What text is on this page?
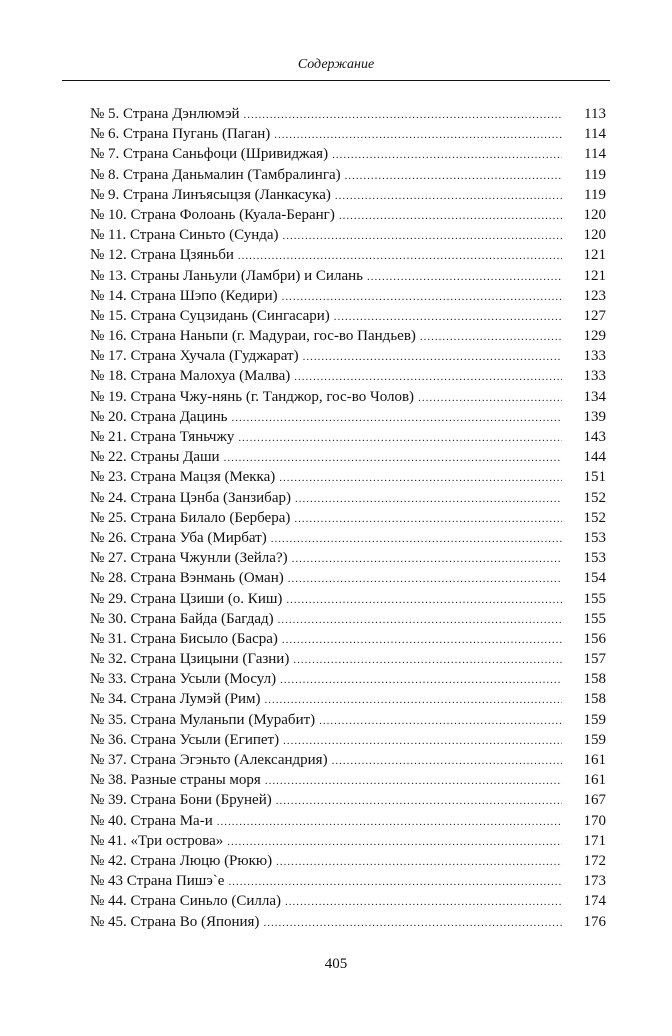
Содержание
№ 5. Страна Дэнлюмэй .....	113
№ 6. Страна Пугань (Паган) .....	114
№ 7. Страна Саньфоци (Шривиджая) .....	114
№ 8. Страна Даньмалин (Тамбралинга) .....	119
№ 9. Страна Линъясыцзя (Ланкасука) .....	119
№ 10. Страна Фолоань (Куала-Беранг) .....	120
№ 11. Страна Синьто (Сунда) .....	120
№ 12. Страна Цзяньби .....	121
№ 13. Страны Ланьули (Ламбри) и Силань .....	121
№ 14. Страна Шэпо (Кедири) .....	123
№ 15. Страна Суцзидань (Сингасари) .....	127
№ 16. Страна Наньпи (г. Мадураи, гос-во Пандьев) .....	129
№ 17. Страна Хучала (Гуджарат) .....	133
№ 18. Страна Малохуа (Малва) .....	133
№ 19. Страна Чжу-нянь (г. Танджор, гос-во Чолов) .....	134
№ 20. Страна Дацинь .....	139
№ 21. Страна Тяньчжу .....	143
№ 22. Страны Даши .....	144
№ 23. Страна Мацзя (Мекка) .....	151
№ 24. Страна Цэнба (Занзибар) .....	152
№ 25. Страна Билало (Бербера) .....	152
№ 26. Страна Уба (Мирбат) .....	153
№ 27. Страна Чжунли (Зейла?) .....	153
№ 28. Страна Вэнмань (Оман) .....	154
№ 29. Страна Цзиши (о. Киш) .....	155
№ 30. Страна Байда (Багдад) .....	155
№ 31. Страна Бисыло (Басра) .....	156
№ 32. Страна Цзицыни (Газни) .....	157
№ 33. Страна Усыли (Мосул) .....	158
№ 34. Страна Лумэй (Рим) .....	158
№ 35. Страна Муланьпи (Мурабит) .....	159
№ 36. Страна Усыли (Египет) .....	159
№ 37. Страна Эгэньто (Александрия) .....	161
№ 38. Разные страны моря .....	161
№ 39. Страна Бони (Бруней) .....	167
№ 40. Страна Ма-и .....	170
№ 41. «Три острова» .....	171
№ 42. Страна Люцю (Рюкю) .....	172
№ 43 Страна Пишэ`е .....	173
№ 44. Страна Синьло (Силла) .....	174
№ 45. Страна Во (Япония) .....	176
405
